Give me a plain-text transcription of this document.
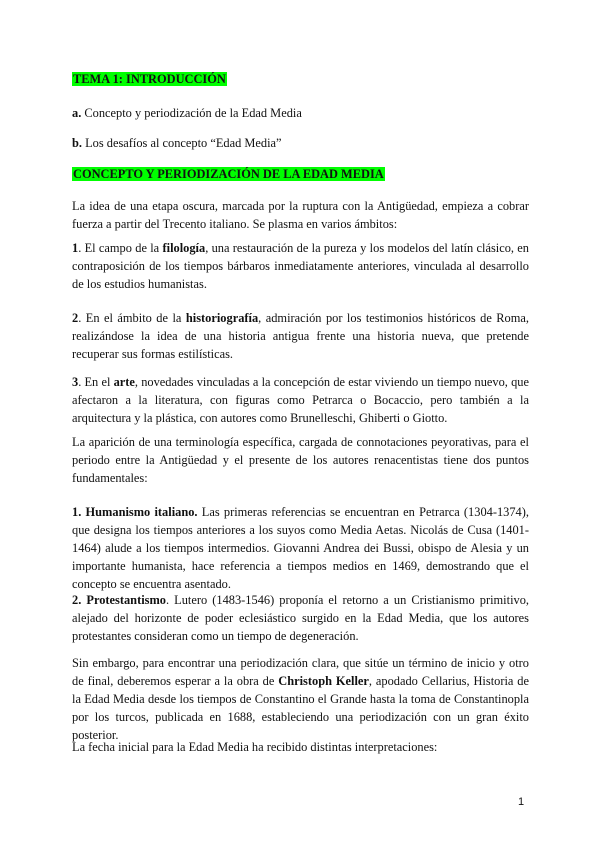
TEMA 1: INTRODUCCIÓN
a. Concepto y periodización de la Edad Media
b. Los desafíos al concepto “Edad Media”
CONCEPTO Y PERIODIZACIÓN DE LA EDAD MEDIA
La idea de una etapa oscura, marcada por la ruptura con la Antigüedad, empieza a cobrar fuerza a partir del Trecento italiano. Se plasma en varios ámbitos:
1. El campo de la filología, una restauración de la pureza y los modelos del latín clásico, en contraposición de los tiempos bárbaros inmediatamente anteriores, vinculada al desarrollo de los estudios humanistas.
2. En el ámbito de la historiografía, admiración por los testimonios históricos de Roma, realizándose la idea de una historia antigua frente una historia nueva, que pretende recuperar sus formas estilísticas.
3. En el arte, novedades vinculadas a la concepción de estar viviendo un tiempo nuevo, que afectaron a la literatura, con figuras como Petrarca o Bocaccio, pero también a la arquitectura y la plástica, con autores como Brunelleschi, Ghiberti o Giotto.
La aparición de una terminología específica, cargada de connotaciones peyorativas, para el periodo entre la Antigüedad y el presente de los autores renacentistas tiene dos puntos fundamentales:
1. Humanismo italiano. Las primeras referencias se encuentran en Petrarca (1304-1374), que designa los tiempos anteriores a los suyos como Media Aetas. Nicolás de Cusa (1401-1464) alude a los tiempos intermedios. Giovanni Andrea dei Bussi, obispo de Alesia y un importante humanista, hace referencia a tiempos medios en 1469, demostrando que el concepto se encuentra asentado.
2. Protestantismo. Lutero (1483-1546) proponía el retorno a un Cristianismo primitivo, alejado del horizonte de poder eclesiástico surgido en la Edad Media, que los autores protestantes consideran como un tiempo de degeneración.
Sin embargo, para encontrar una periodización clara, que sitúe un término de inicio y otro de final, deberemos esperar a la obra de Christoph Keller, apodado Cellarius, Historia de la Edad Media desde los tiempos de Constantino el Grande hasta la toma de Constantinopla por los turcos, publicada en 1688, estableciendo una periodización con un gran éxito posterior.
La fecha inicial para la Edad Media ha recibido distintas interpretaciones:
1
